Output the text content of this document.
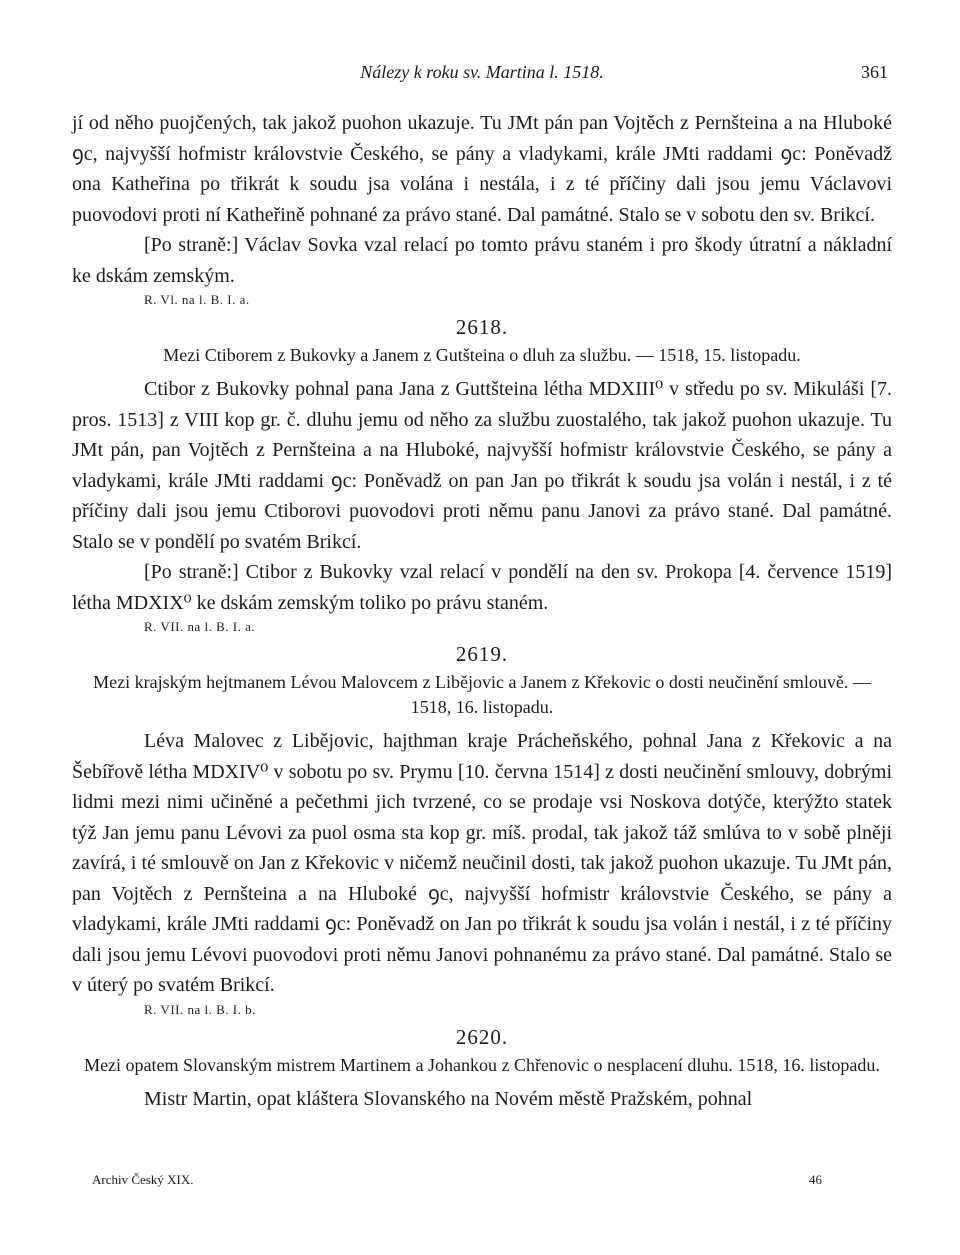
Nálezy k roku sv. Martina l. 1518.	361

jí od něho puojčených, tak jakož puohon ukazuje. Tu JMt pán pan Vojtěch z Pernšteina a na Hluboké ꝯc, najvyšší hofmistr královstvie Českého, se pány a vladykami, krále JMti raddami ꝯc: Poněvadž ona Katheřina po třikrát k soudu jsa volána i nestála, i z té příčiny dali jsou jemu Václavovi puovodovi proti ní Katheřině pohnané za právo stané. Dal památné. Stalo se v sobotu den sv. Brikcí.

[Po straně:] Václav Sovka vzal relací po tomto právu staném i pro škody útratní a nákladní ke dskám zemským.

R. Vl. na l. B. I. a.

2618.

Mezi Ctiborem z Bukovky a Janem z Gutšteina o dluh za službu. — 1518, 15. listopadu.

Ctibor z Bukovky pohnal pana Jana z Guttšteina létha MDXIII⁰ v středu po sv. Mikuláši [7. pros. 1513] z VIII kop gr. č. dluhu jemu od něho za službu zuostalého, tak jakož puohon ukazuje. Tu JMt pán, pan Vojtěch z Pernšteina a na Hluboké, najvyšší hofmistr královstvie Českého, se pány a vladykami, krále JMti raddami ꝯc: Poněvadž on pan Jan po třikrát k soudu jsa volán i nestál, i z té příčiny dali jsou jemu Ctiborovi puovodovi proti němu panu Janovi za právo stané. Dal památné. Stalo se v pondělí po svatém Brikcí.

[Po straně:] Ctibor z Bukovky vzal relací v pondělí na den sv. Prokopa [4. července 1519] létha MDXIX⁰ ke dskám zemským toliko po právu staném.

R. VII. na l. B. I. a.

2619.

Mezi krajským hejtmanem Lévou Malovcem z Libějovic a Janem z Křekovic o dosti neučinění smlouvě. — 1518, 16. listopadu.

Léva Malovec z Libějovic, hajthman kraje Prácheňského, pohnal Jana z Křekovic a na Šebířově létha MDXIV⁰ v sobotu po sv. Prymu [10. června 1514] z dosti neučinění smlouvy, dobrými lidmi mezi nimi učiněné a pečethmi jich tvrzené, co se prodaje vsi Noskova dotýče, kterýžto statek týž Jan jemu panu Lévovi za puol osma sta kop gr. míš. prodal, tak jakož táž smlúva to v sobě plněji zavírá, i té smlouvě on Jan z Křekovic v ničemž neučinil dosti, tak jakož puohon ukazuje. Tu JMt pán, pan Vojtěch z Pernšteina a na Hluboké ꝯc, najvyšší hofmistr královstvie Českého, se pány a vladykami, krále JMti raddami ꝯc: Poněvadž on Jan po třikrát k soudu jsa volán i nestál, i z té příčiny dali jsou jemu Lévovi puovodovi proti němu Janovi pohnanému za právo stané. Dal památné. Stalo se v úterý po svatém Brikcí.

R. VII. na l. B. I. b.

2620.

Mezi opatem Slovanským mistrem Martinem a Johankou z Chřenovic o nesplacení dluhu. 1518, 16. listopadu.

Mistr Martin, opat kláštera Slovanského na Novém městě Pražském, pohnal

Archiv Český XIX.	46
